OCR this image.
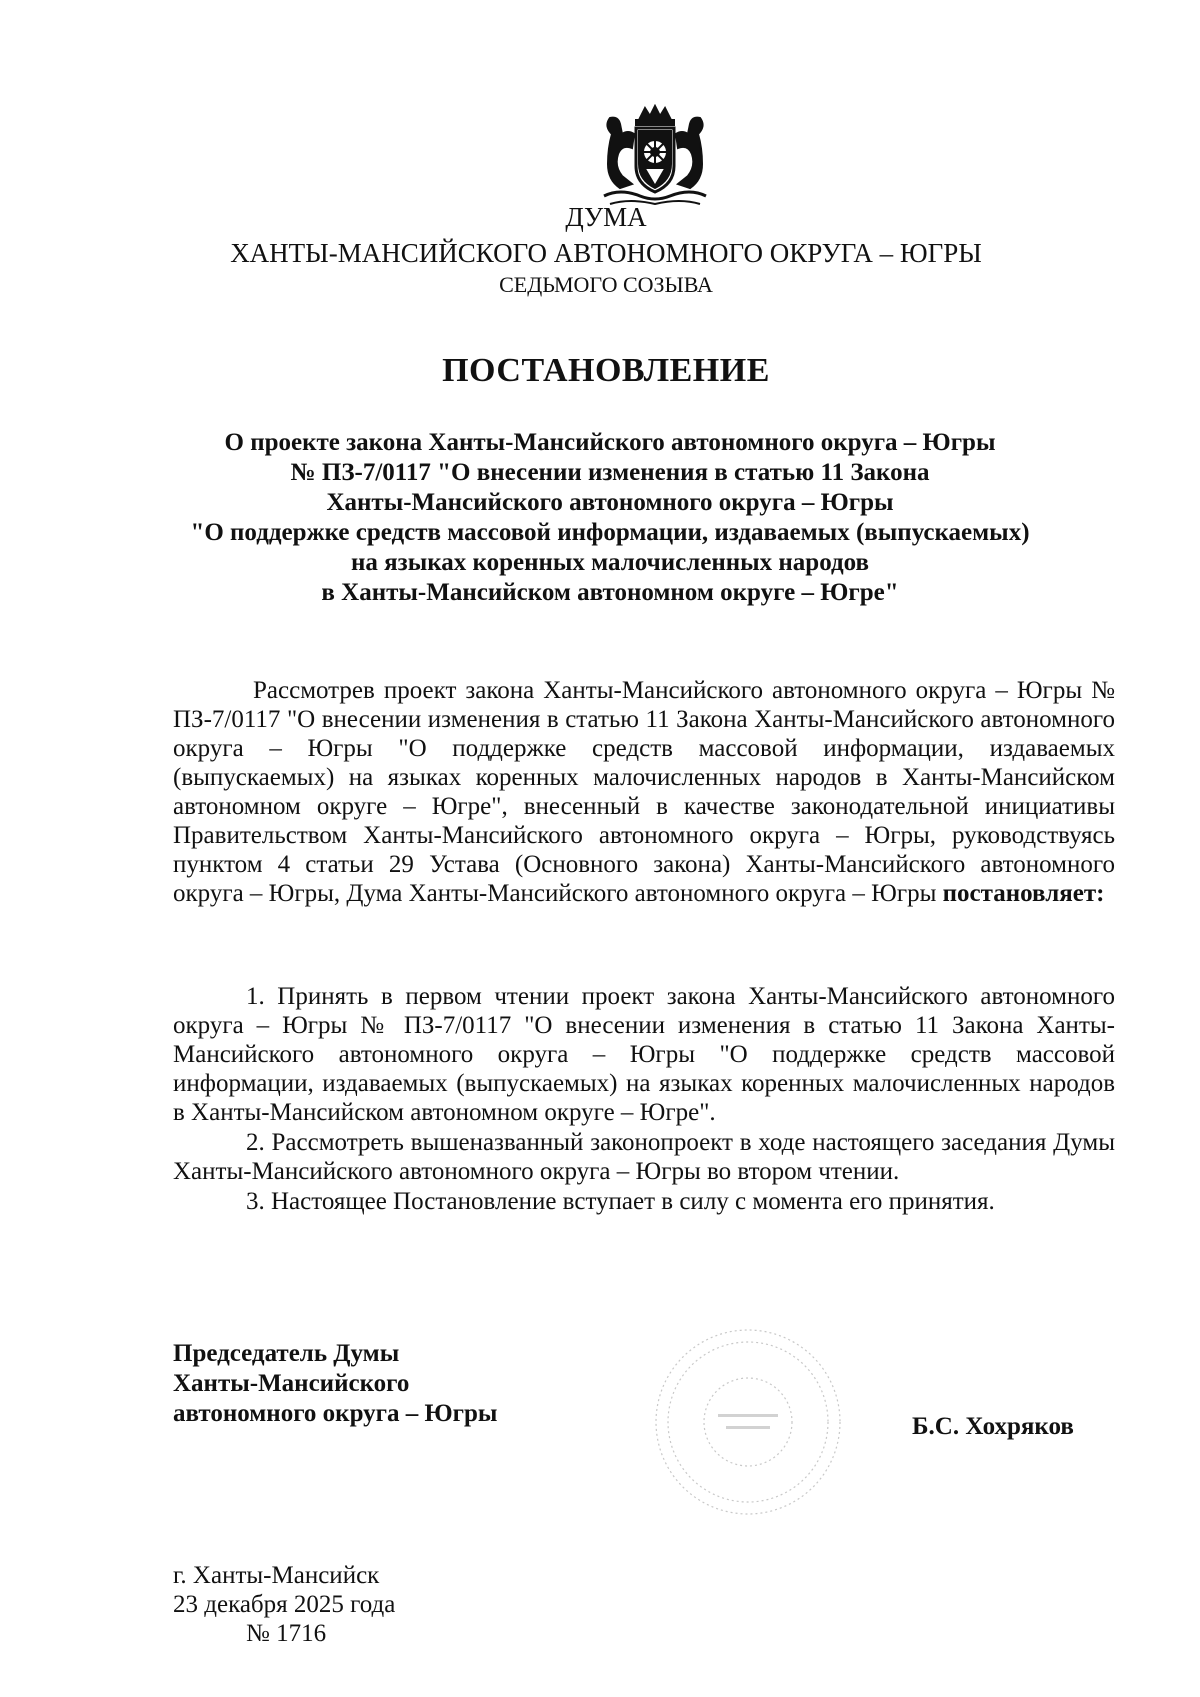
ДУМА
ХАНТЫ-МАНСИЙСКОГО АВТОНОМНОГО ОКРУГА – ЮГРЫ
СЕДЬМОГО СОЗЫВА
ПОСТАНОВЛЕНИЕ
О проекте закона Ханты-Мансийского автономного округа – Югры
№ ПЗ-7/0117 "О внесении изменения в статью 11 Закона
Ханты-Мансийского автономного округа – Югры
"О поддержке средств массовой информации, издаваемых (выпускаемых)
на языках коренных малочисленных народов
в Ханты-Мансийском автономном округе – Югре"
Рассмотрев проект закона Ханты-Мансийского автономного округа – Югры № ПЗ-7/0117 "О внесении изменения в статью 11 Закона Ханты-Мансийского автономного округа – Югры "О поддержке средств массовой информации, издаваемых (выпускаемых) на языках коренных малочисленных народов в Ханты-Мансийском автономном округе – Югре", внесенный в качестве законодательной инициативы Правительством Ханты-Мансийского автономного округа – Югры, руководствуясь пунктом 4 статьи 29 Устава (Основного закона) Ханты-Мансийского автономного округа – Югры, Дума Ханты-Мансийского автономного округа – Югры постановляет:

1. Принять в первом чтении проект закона Ханты-Мансийского автономного округа – Югры № ПЗ-7/0117 "О внесении изменения в статью 11 Закона Ханты-Мансийского автономного округа – Югры "О поддержке средств массовой информации, издаваемых (выпускаемых) на языках коренных малочисленных народов в Ханты-Мансийском автономном округе – Югре".

2. Рассмотреть вышеназванный законопроект в ходе настоящего заседания Думы Ханты-Мансийского автономного округа – Югры во втором чтении.

3. Настоящее Постановление вступает в силу с момента его принятия.

Председатель Думы
Ханты-Мансийского
автономного округа – Югры	Б.С. Хохряков
г. Ханты-Мансийск
23 декабря 2025 года
№ 1716
